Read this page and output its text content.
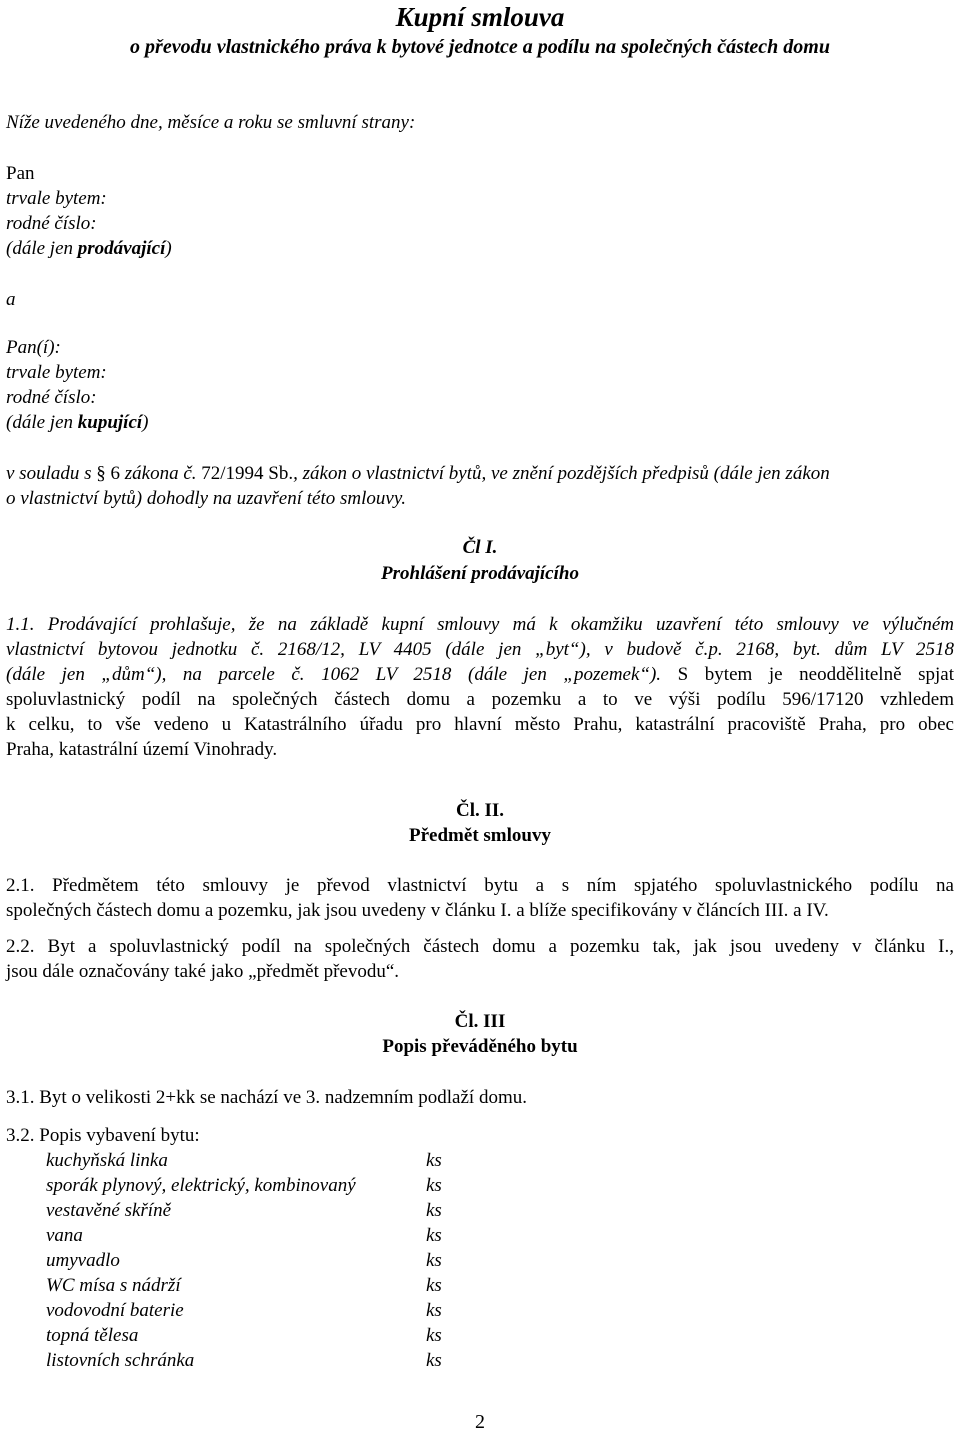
Kupní smlouva
o převodu vlastnického práva k bytové jednotce a podílu na společných částech domu
Níže uvedeného dne, měsíce a roku se smluvní strany:
Pan
trvale bytem:
rodné číslo:
(dále jen prodávající)
a
Pan(í):
trvale bytem:
rodné číslo:
(dále jen kupující)
v souladu s § 6 zákona č. 72/1994 Sb., zákon o vlastnictví bytů, ve znění pozdějších předpisů (dále jen zákon
o vlastnictví bytů) dohodly na uzavření této smlouvy.
Čl I.
Prohlášení prodávajícího
1.1. Prodávající prohlašuje, že na základě kupní smlouvy má k okamžiku uzavření této smlouvy ve výlučném
vlastnictví bytovou jednotku č. 2168/12, LV 4405 (dále jen „byt“), v budově č.p. 2168, byt. dům LV 2518
(dále jen „dům“), na parcele č. 1062 LV 2518 (dále jen „pozemek“). S bytem je neoddělitelně spjat
spoluvlastnický podíl na společných částech domu a pozemku a to ve výši podílu 596/17120 vzhledem
k celku, to vše vedeno u Katastrálního úřadu pro hlavní město Prahu, katastrální pracoviště Praha, pro obec
Praha, katastrální území Vinohrady.
Čl. II.
Předmět smlouvy
2.1. Předmětem této smlouvy je převod vlastnictví bytu a s ním spjatého spoluvlastnického podílu na
společných částech domu a pozemku, jak jsou uvedeny v článku I. a blíže specifikovány v článcích III. a IV.
2.2. Byt a spoluvlastnický podíl na společných částech domu a pozemku tak, jak jsou uvedeny v článku I.,
jsou dále označovány také jako „předmět převodu“.
Čl. III
Popis převáděného bytu
3.1. Byt o velikosti 2+kk se nachází ve 3. nadzemním podlaží domu.
3.2. Popis vybavení bytu:
kuchyňská linka	ks
sporák plynový, elektrický, kombinovaný	ks
vestavěné skříně	ks
vana	ks
umyvadlo	ks
WC mísa s nádrží	ks
vodovodní baterie	ks
topná tělesa	ks
listovních schránka	ks
2
